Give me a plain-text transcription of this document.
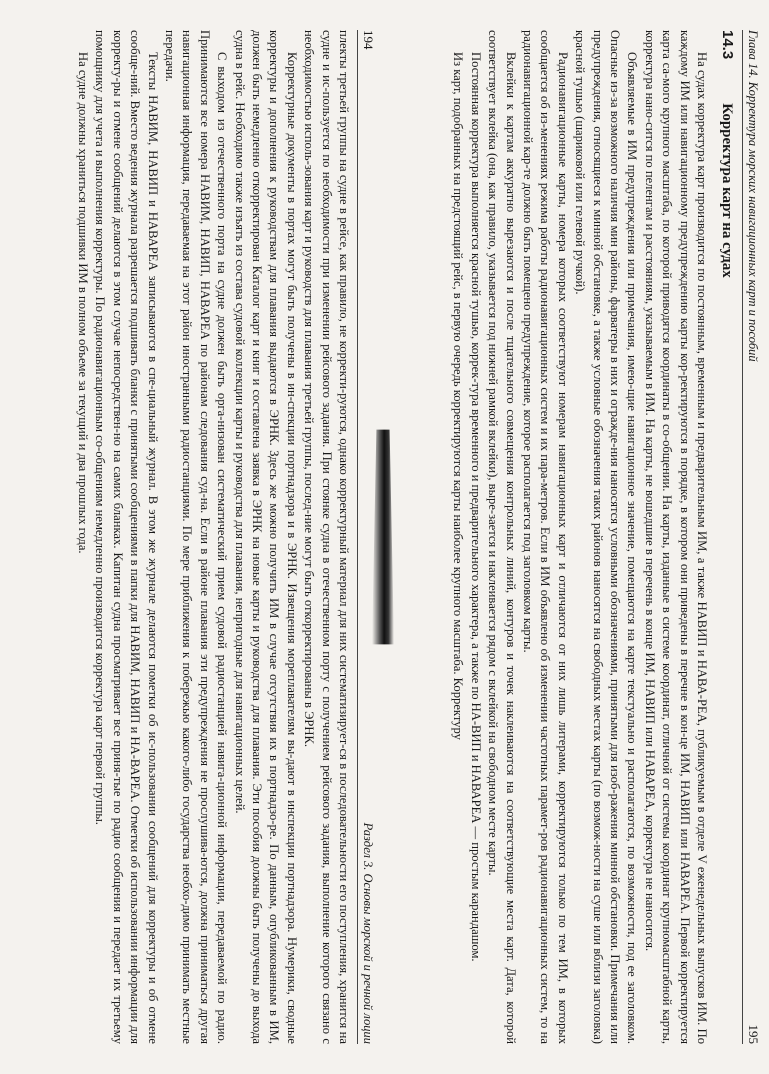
194
Раздел 3. Основы морской и речной лоции

плекты третьей группы на судне в рейсе, как правило, не корректи-руются, однако корректурный материал для них систематизирует-ся в последовательности его поступления, хранится на судне и ис-пользуется по необходимости при изменении рейсового задания. При стоянке судна в отечественном порту с получением рейсового задания, выполнение которого связано с необходимостью исполь-зования карт и руководств для плавания третьей группы, послед-ние могут быть откорректированы в ЭРНК.

Корректурные документы в портах могут быть получены в ин-спекции портнадзора и в ЭРНК. Извещения мореплавателям вы-дают в инспекции портнадзора. Нумерики, сводные корректуры и дополнения к руководствам для плавания выдаются в ЭРНК. Здесь же можно получить ИМ в случае отсутствия их в портнадзо-ре. По данным, опубликованным в ИМ, должен быть немедленно откорректирован Каталог карт и книг и составлена заявка в ЭРНК на новые карты и руководства для плавания. Эти пособия должны быть получены до выхода судна в рейс. Необходимо также изъять из состава судовой коллекции карты и руководства для плавания, непригодные для навигационных целей.

С выходом из отечественного порта на судне должен быть орга-низован систематический прием судовой радиостанцией навига-ционной информации, передаваемой по радио. Принимаются все номера НАВИМ, НАВИП, НАВАРЕА по районам следования суд-на. Если в районе плавания эти предупреждения не прослушива-ются, должна приниматься другая навигационная информация, передаваемая на этот район иностранными радиостанциями. По мере приближения к побережью какого-либо государства необхо-димо принимать местные передачи.

Тексты НАВИМ, НАВИП и НАВАРЕА записываются в спе-циальный журнал. В этом же журнале делаются пометки об ис-пользовании сообщений для корректуры и об отмене сообще-ний. Вместо ведения журнала разрешается подшивать бланки с принятыми сообщениями в папки для НАВИМ, НАВИП и НА-ВАРЕА. Отметки об использовании информации для корректу-ры и отмене сообщений делаются в этом случае непосредствен-но на самих бланках. Капитан судна просматривает все приня-тые по радио сообщения и передает их третьему помощнику для учета и выполнения корректуры. По радионавигационным со-общениям немедленно производится корректура карт первой группы.

На судне должны храниться подшивки ИМ в полном объеме за текущий и два прошлых года.	Глава 14. Корректура морских навигационных карт и пособий
195
14.3
Корректура карт на судах

На судах корректура карт производится по постоянным, временным и предварительным ИМ, а также НАВИП и НАВА-РЕА, публикуемым в отделе V еженедельных выпусков ИМ. По каждому ИМ или навигационному предупреждению карты кор-ректируются в порядке, в котором они приведены в перечне в кон-це ИМ, НАВИП или НАВАРЕА. Первой корректируется карта са-мого крупного масштаба, по которой приводятся координаты в со-общении. На карты, изданные в системе координат, отличной от системы координат крупномасштабной карты, корректура нано-сится по пеленгам и расстояниям, указываемым в ИМ. На карты, не вошедшие в перечень в конце ИМ, НАВИП или НАВАРЕА, корректура не наносится.

Объявляемые в ИМ предупреждения или примечания, имею-щие навигационное значение, помещаются на карте текстуально и располагаются, по возможности, под ее заголовком. Опасные из-за возможного наличия мин районы, фарватеры в них и огражде-ния наносятся условными обозначениями, принятыми для изоб-ражения минной обстановки. Примечания или предупреждения, относящиеся к минной обстановке, а также условные обозначения таких районов наносятся на свободных местах карты (по возмож-ности на суше или вблизи заголовка) красной тушью (шариковой или гелевой ручкой).

Радионавигационные карты, номера которых соответствуют номерам навигационных карт и отличаются от них лишь литерами, корректируются только по тем ИМ, в которых сообщается об из-менениях режима работы радионавигационных систем и их пара-метров. Если в ИМ объявлено об изменении частотных парамет-ров радионавигационных систем, то на радионавигационной кар-те должно быть помещено предупреждение, которое располагается под заголовком карты.

Вклейки к картам аккуратно вырезаются и после тщательного совмещения контрольных линий, контуров и точек наклеиваются на соответствующие места карт. Дата, которой соответствует вклейка (она, как правило, указывается под нижней рамкой вклейки), выре-зается и наклеивается рядом с вклейкой на свободном месте карты.

Постоянная корректура выполняется красной тушью, коррек-тура временного и предварительного характера, а также по НА-ВИП и НАВАРЕА — простым карандашом.

Из карт, подобранных на предстоящий рейс, в первую очередь корректируются карты наиболее крупного масштаба. Корректуру
